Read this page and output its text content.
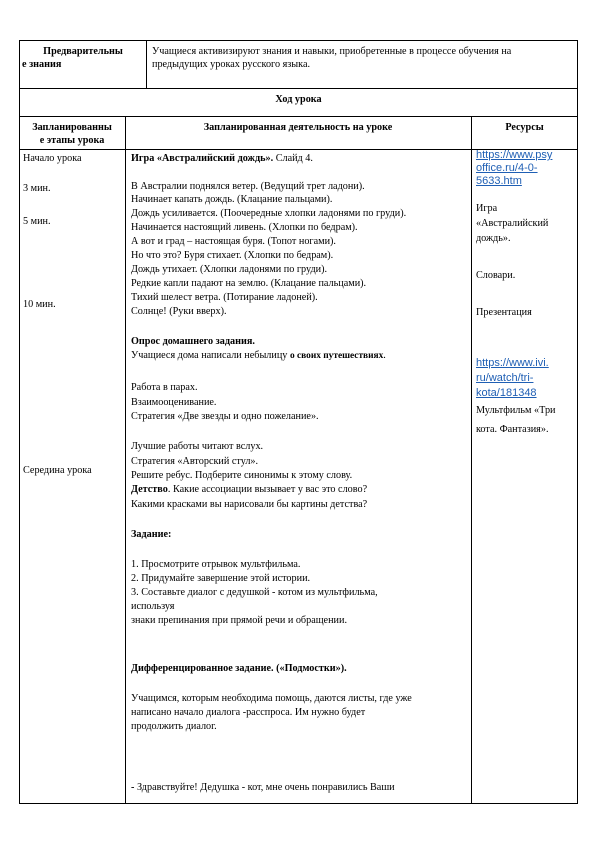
Предварительны
е знания
Учащиеся активизируют знания и навыки, приобретенные в процессе обучения на
предыдущих уроках русского языка.
Ход урока
Запланированны
е этапы урока
Запланированная деятельность на уроке	Ресурсы
Начало урока
3 мин.
5 мин.
10 мин.
Середина урока
Игра «Австралийский дождь». Слайд 4.
В Австралии поднялся ветер. (Ведущий трет ладони).
Начинает капать дождь. (Клацание пальцами).
Дождь усиливается. (Поочередные хлопки ладонями по груди).
Начинается настоящий ливень. (Хлопки по бедрам).
А вот и град – настоящая буря. (Топот ногами).
Но что это? Буря стихает. (Хлопки по бедрам).
Дождь утихает. (Хлопки ладонями по груди).
Редкие капли падают на землю. (Клацание пальцами).
Тихий шелест ветра. (Потирание ладоней).
Солнце! (Руки вверх).
Опрос домашнего задания.
Учащиеся дома написали небылицу о своих путешествиях.
Работа в парах.
Взаимооценивание.
Стратегия «Две звезды и одно пожелание».
Лучшие работы читают вслух.
Стратегия «Авторский стул».
Решите ребус. Подберите синонимы к этому слову.
Детство. Какие ассоциации вызывает у вас это слово?
Какими красками вы нарисовали бы картины детства?
Задание:
1. Просмотрите отрывок мультфильма.
2. Придумайте завершение этой истории.
3. Составьте диалог с дедушкой - котом из мультфильма,
используя
знаки препинания при прямой речи и обращении.
Дифференцированное задание. («Подмостки»).
Учащимся, которым необходима помощь, даются листы, где уже
написано начало диалога -расспроса. Им нужно будет
продолжить диалог.
- Здравствуйте! Дедушка - кот, мне очень понравились Ваши
https://www.psy
office.ru/4-0-
5633.htm
Игра
«Австралийский
дождь».
Словари.
Презентация
https://www.ivi.
ru/watch/tri-
kota/181348
Мультфильм «Три
кота. Фантазия».
